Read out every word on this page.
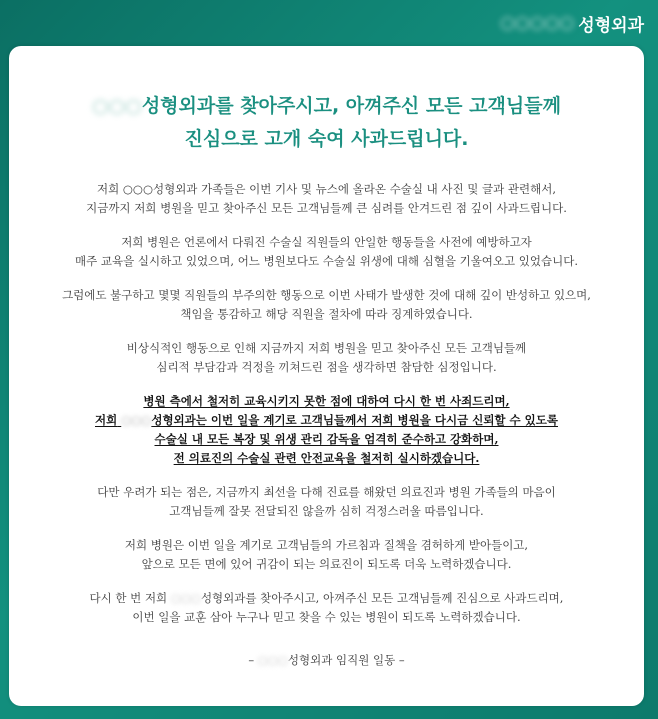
○○○○○ 성형외과
○○○성형외과를 찾아주시고, 아껴주신 모든 고객님들께
진심으로 고개 숙여 사과드립니다.
저희 ○○○성형외과 가족들은 이번 기사 및 뉴스에 올라온 수술실 내 사진 및 글과 관련해서,
지금까지 저희 병원을 믿고 찾아주신 모든 고객님들께 큰 심려를 안겨드린 점 깊이 사과드립니다.
저희 병원은 언론에서 다뤄진 수술실 직원들의 안일한 행동들을 사전에 예방하고자
매주 교육을 실시하고 있었으며, 어느 병원보다도 수술실 위생에 대해 심혈을 기울여오고 있었습니다.
그럼에도 불구하고 몇몇 직원들의 부주의한 행동으로 이번 사태가 발생한 것에 대해 깊이 반성하고 있으며,
책임을 통감하고 해당 직원을 절차에 따라 징계하였습니다.
비상식적인 행동으로 인해 지금까지 저희 병원을 믿고 찾아주신 모든 고객님들께
심리적 부담감과 걱정을 끼쳐드린 점을 생각하면 참담한 심정입니다.
병원 측에서 철저히 교육시키지 못한 점에 대하여 다시 한 번 사죄드리며,
저희 ○○○성형외과는 이번 일을 계기로 고객님들께서 저희 병원을 다시금 신뢰할 수 있도록
수술실 내 모든 복장 및 위생 관리 감독을 엄격히 준수하고 강화하며,
전 의료진의 수술실 관련 안전교육을 철저히 실시하겠습니다.
다만 우려가 되는 점은, 지금까지 최선을 다해 진료를 해왔던 의료진과 병원 가족들의 마음이
고객님들께 잘못 전달되진 않을까 심히 걱정스러울 따름입니다.
저희 병원은 이번 일을 계기로 고객님들의 가르침과 질책을 겸허하게 받아들이고,
앞으로 모든 면에 있어 귀감이 되는 의료진이 되도록 더욱 노력하겠습니다.
다시 한 번 저희 ○○○성형외과를 찾아주시고, 아껴주신 모든 고객님들께 진심으로 사과드리며,
이번 일을 교훈 삼아 누구나 믿고 찾을 수 있는 병원이 되도록 노력하겠습니다.
– ○○○성형외과 임직원 일동 –
